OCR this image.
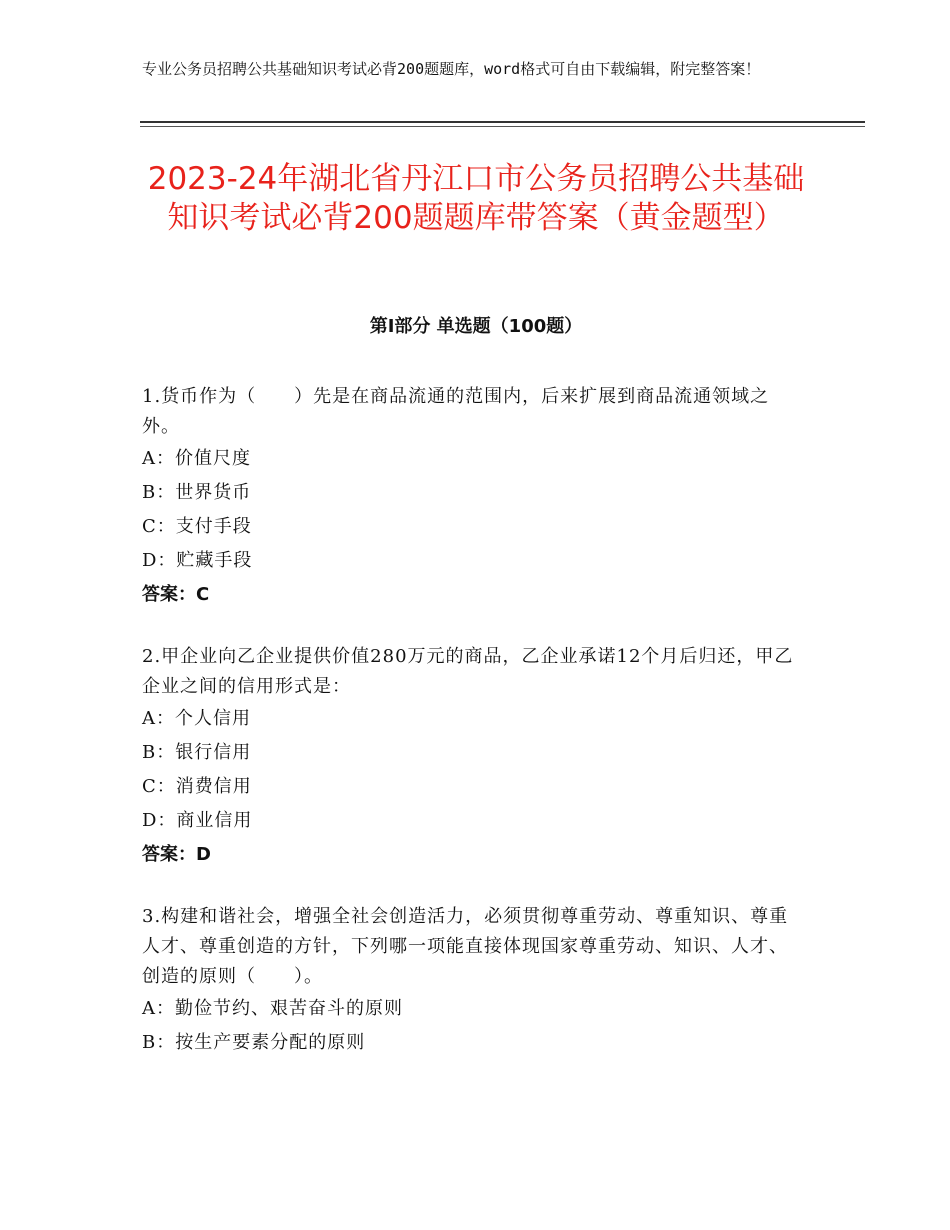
专业公务员招聘公共基础知识考试必背200题题库，word格式可自由下载编辑，附完整答案！
2023-24年湖北省丹江口市公务员招聘公共基础知识考试必背200题题库带答案（黄金题型）
第Ⅰ部分 单选题（100题）

1.货币作为（　　）先是在商品流通的范围内，后来扩展到商品流通领域之外。

A：价值尺度

B：世界货币

C：支付手段

D：贮藏手段

答案：C

2.甲企业向乙企业提供价值280万元的商品，乙企业承诺12个月后归还，甲乙企业之间的信用形式是：

A：个人信用

B：银行信用

C：消费信用

D：商业信用

答案：D

3.构建和谐社会，增强全社会创造活力，必须贯彻尊重劳动、尊重知识、尊重人才、尊重创造的方针，下列哪一项能直接体现国家尊重劳动、知识、人才、创造的原则（　　）。

A：勤俭节约、艰苦奋斗的原则

B：按生产要素分配的原则
